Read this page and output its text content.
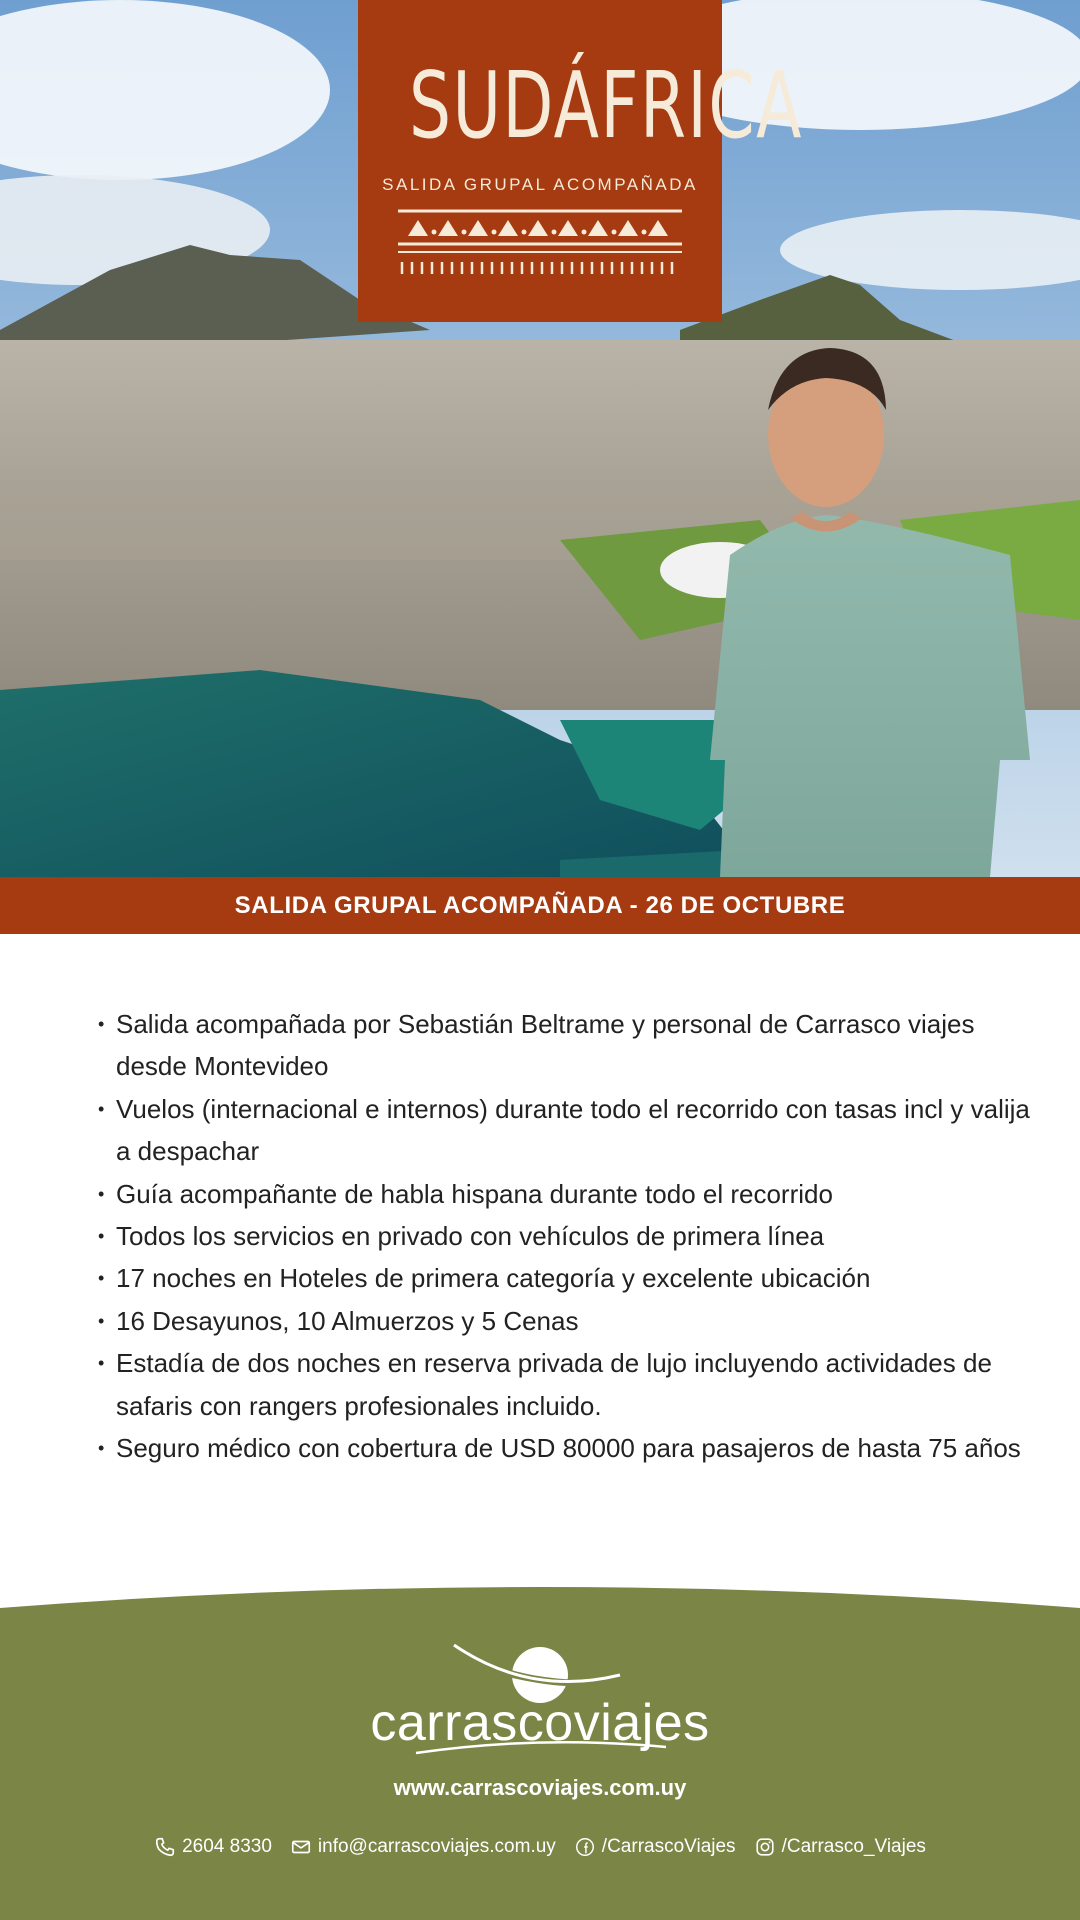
SUDÁFRICA
SALIDA GRUPAL ACOMPAÑADA
SALIDA GRUPAL ACOMPAÑADA - 26 DE OCTUBRE
• Salida acompañada por Sebastián Beltrame y personal de Carrasco viajes desde Montevideo
• Vuelos (internacional e internos) durante todo el recorrido con tasas incl y valija a despachar
• Guía acompañante de habla hispana durante todo el recorrido
• Todos los servicios en privado con vehículos de primera línea
• 17 noches en Hoteles de primera categoría y excelente ubicación
• 16 Desayunos, 10 Almuerzos y 5 Cenas
• Estadía de dos noches en reserva privada de lujo incluyendo actividades de safaris con rangers profesionales incluido.
• Seguro médico con cobertura de USD 80000 para pasajeros de hasta 75 años
carrascoviajes
www.carrascoviajes.com.uy
2604 8330 info@carrascoviajes.com.uy /CarrascoViajes /Carrasco_Viajes
